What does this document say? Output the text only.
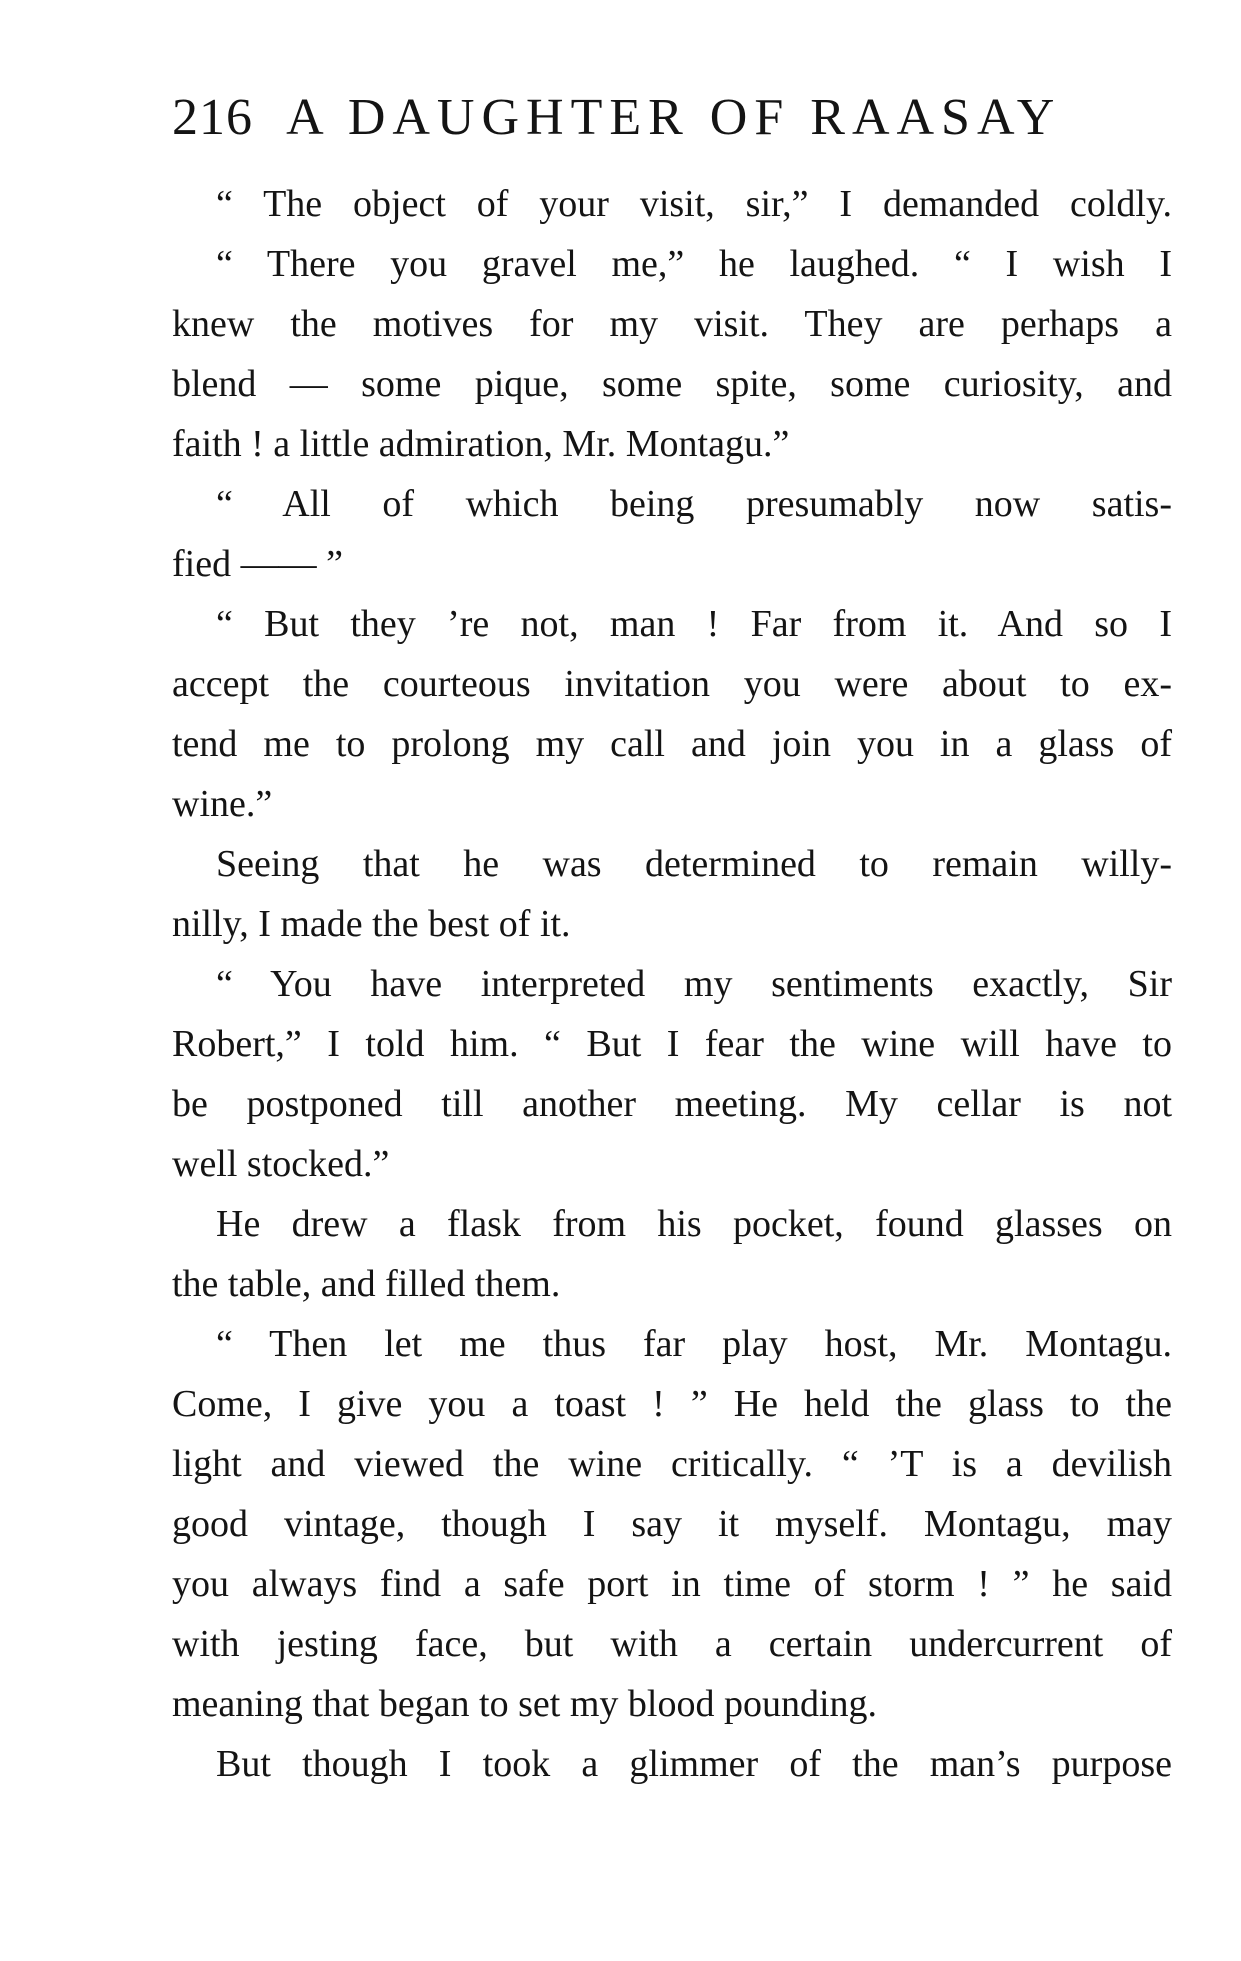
216 A DAUGHTER OF RAASAY
“ The object of your visit, sir,” I demanded coldly.
“ There you gravel me,” he laughed. “ I wish I
knew the motives for my visit. They are perhaps a
blend — some pique, some spite, some curiosity, and
faith ! a little admiration, Mr. Montagu.”
“ All of which being presumably now satis-
fied —— ”
“ But they ’re not, man ! Far from it. And so I
accept the courteous invitation you were about to ex-
tend me to prolong my call and join you in a glass of
wine.”
Seeing that he was determined to remain willy-
nilly, I made the best of it.
“ You have interpreted my sentiments exactly, Sir
Robert,” I told him. “ But I fear the wine will have to
be postponed till another meeting. My cellar is not
well stocked.”
He drew a flask from his pocket, found glasses on
the table, and filled them.
“ Then let me thus far play host, Mr. Montagu.
Come, I give you a toast ! ” He held the glass to the
light and viewed the wine critically. “ ’T is a devilish
good vintage, though I say it myself. Montagu, may
you always find a safe port in time of storm ! ” he said
with jesting face, but with a certain undercurrent of
meaning that began to set my blood pounding.
But though I took a glimmer of the man’s purpose
